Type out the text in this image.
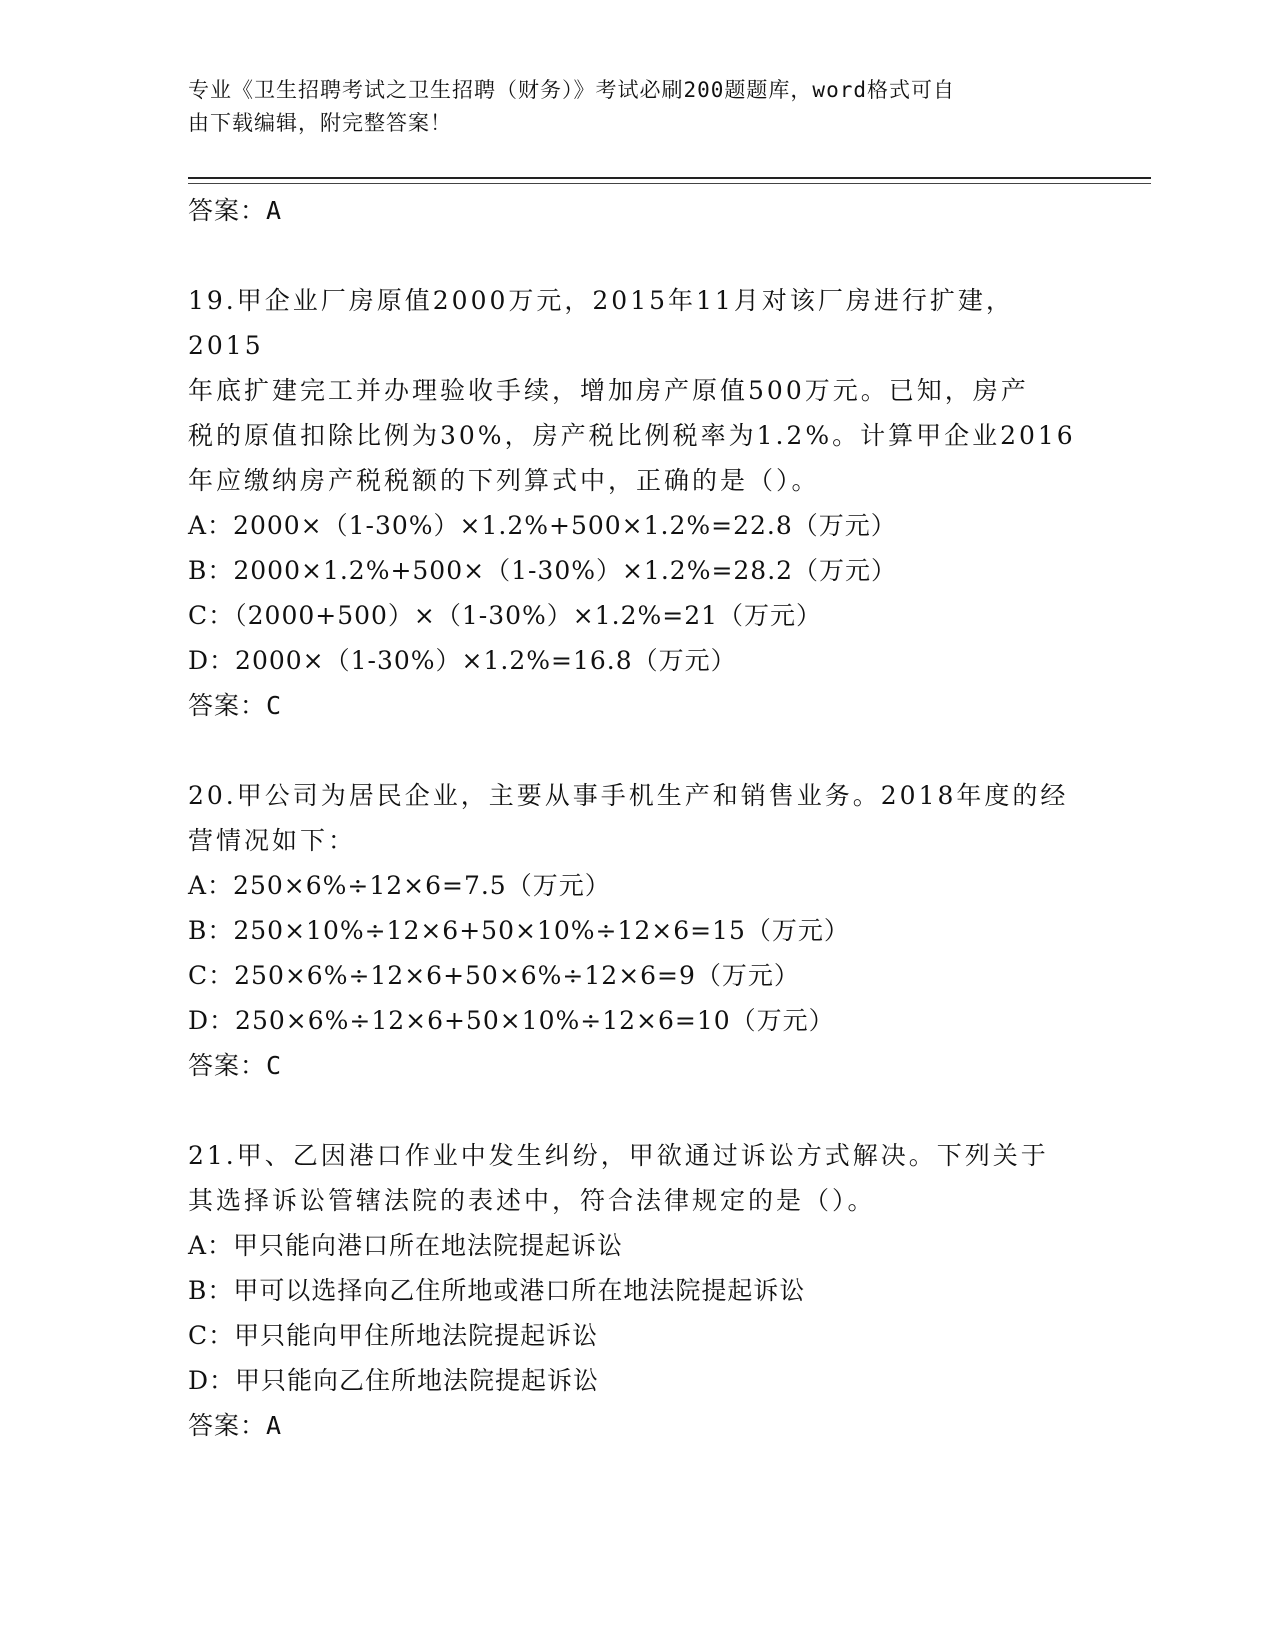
专业《卫生招聘考试之卫生招聘（财务）》考试必刷200题题库，word格式可自
由下载编辑，附完整答案！
答案：A
19.甲企业厂房原值2000万元，2015年11月对该厂房进行扩建，2015
年底扩建完工并办理验收手续，增加房产原值500万元。已知，房产
税的原值扣除比例为30%，房产税比例税率为1.2%。计算甲企业2016
年应缴纳房产税税额的下列算式中，正确的是（）。
A：2000×（1-30%）×1.2%+500×1.2%=22.8（万元）
B：2000×1.2%+500×（1-30%）×1.2%=28.2（万元）
C：（2000+500）×（1-30%）×1.2%=21（万元）
D：2000×（1-30%）×1.2%=16.8（万元）
答案：C
20.甲公司为居民企业，主要从事手机生产和销售业务。2018年度的经
营情况如下：
A：250×6%÷12×6=7.5（万元）
B：250×10%÷12×6+50×10%÷12×6=15（万元）
C：250×6%÷12×6+50×6%÷12×6=9（万元）
D：250×6%÷12×6+50×10%÷12×6=10（万元）
答案：C
21.甲、乙因港口作业中发生纠纷，甲欲通过诉讼方式解决。下列关于
其选择诉讼管辖法院的表述中，符合法律规定的是（）。
A：甲只能向港口所在地法院提起诉讼
B：甲可以选择向乙住所地或港口所在地法院提起诉讼
C：甲只能向甲住所地法院提起诉讼
D：甲只能向乙住所地法院提起诉讼
答案：A
